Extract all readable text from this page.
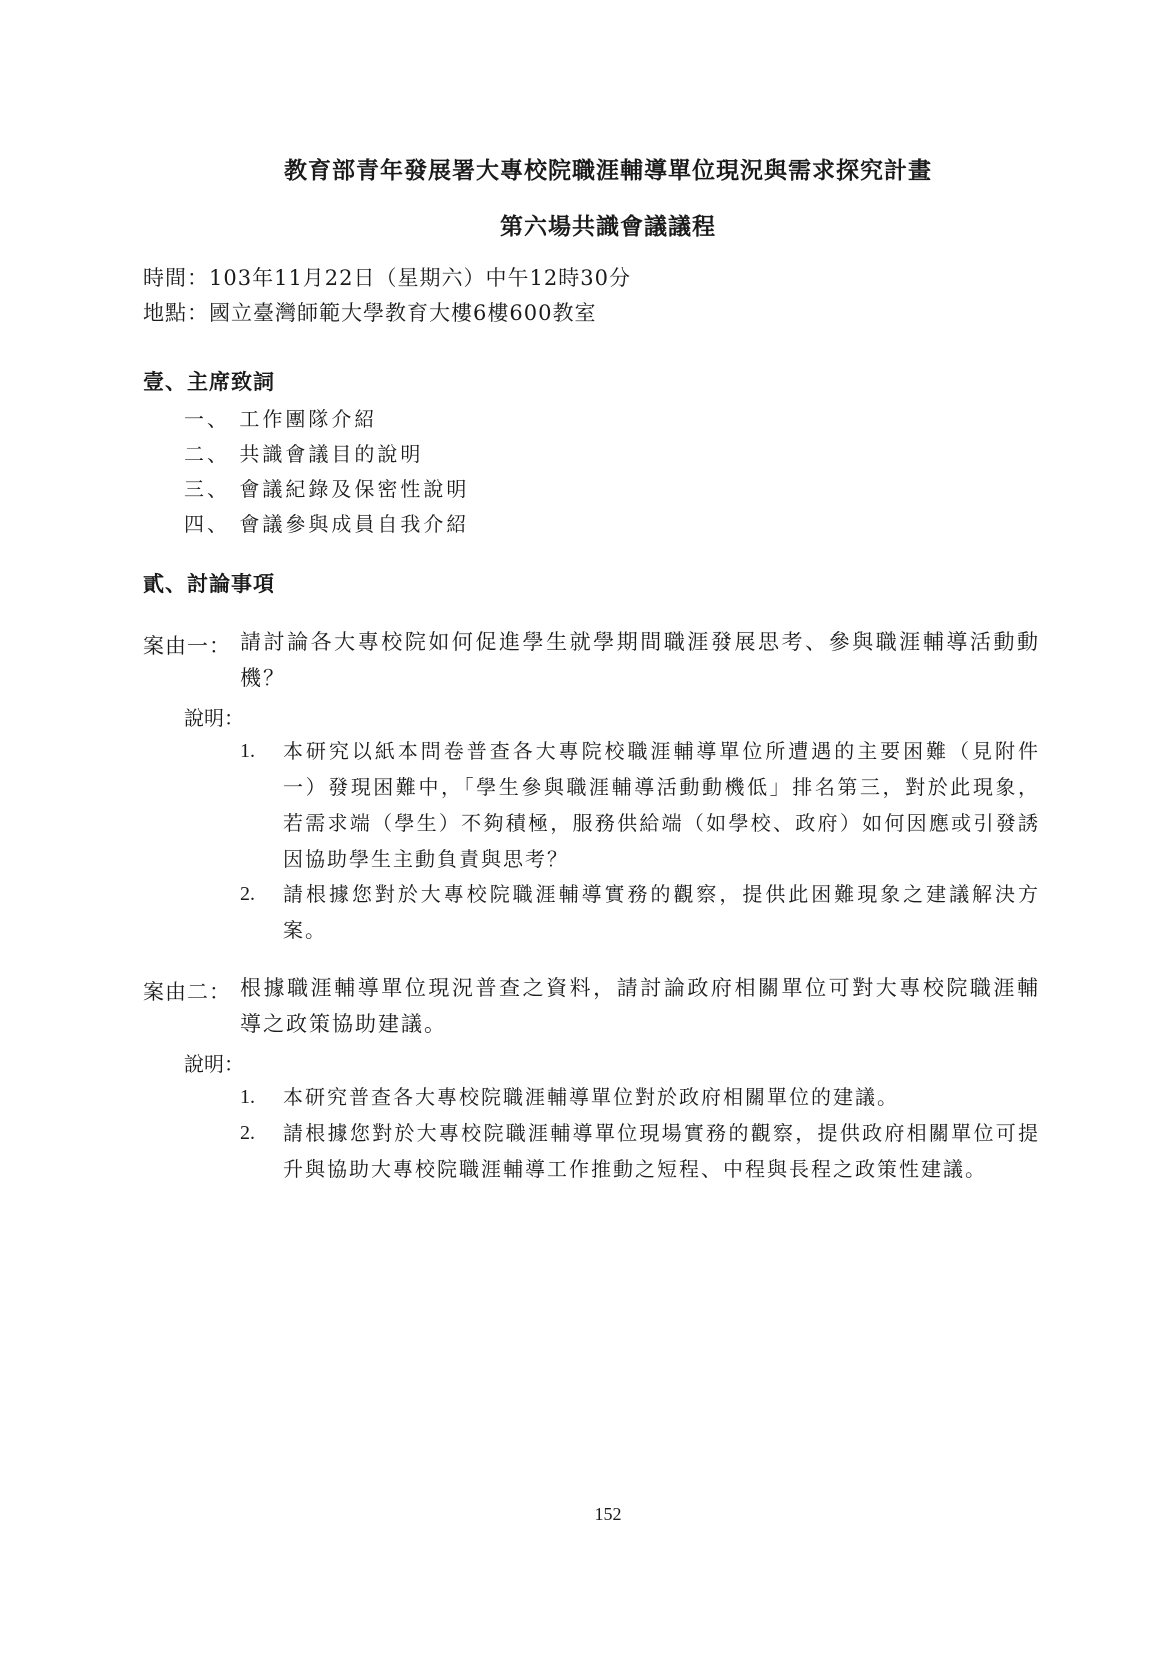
教育部青年發展署大專校院職涯輔導單位現況與需求探究計畫
第六場共識會議議程
時間：103年11月22日（星期六）中午12時30分
地點：國立臺灣師範大學教育大樓6樓600教室
壹、主席致詞
一、 工作團隊介紹
二、 共識會議目的說明
三、 會議紀錄及保密性說明
四、 會議參與成員自我介紹
貳、討論事項
案由一： 請討論各大專校院如何促進學生就學期間職涯發展思考、參與職涯輔導活動動機？
說明：
1. 本研究以紙本問卷普查各大專院校職涯輔導單位所遭遇的主要困難（見附件一）發現困難中，「學生參與職涯輔導活動動機低」排名第三，對於此現象，若需求端（學生）不夠積極，服務供給端（如學校、政府）如何因應或引發誘因協助學生主動負責與思考？
2. 請根據您對於大專校院職涯輔導實務的觀察，提供此困難現象之建議解決方案。
案由二： 根據職涯輔導單位現況普查之資料，請討論政府相關單位可對大專校院職涯輔導之政策協助建議。
說明：
1. 本研究普查各大專校院職涯輔導單位對於政府相關單位的建議。
2. 請根據您對於大專校院職涯輔導單位現場實務的觀察，提供政府相關單位可提升與協助大專校院職涯輔導工作推動之短程、中程與長程之政策性建議。
152
